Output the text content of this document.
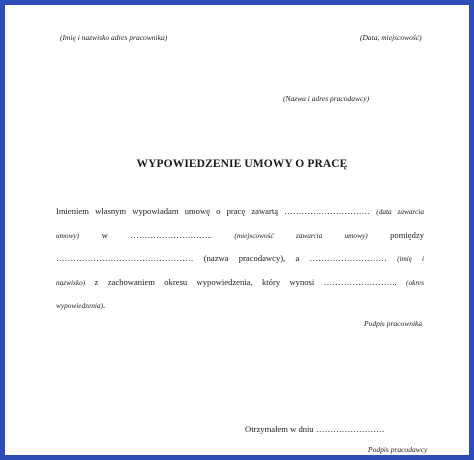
(Imię i nazwisko adres pracownika)	(Data, miejscowość)
(Nazwa i adres pracodawcy)
WYPOWIEDZENIE UMOWY O PRACĘ
Imieniem własnym wypowiadam umowę o pracę zawartą ………………………… (data zawarcia
umowy) w ……………………….. (miejscowość zawarcia umowy) pomiędzy
………………………………………… (nazwa pracodawcy), a ……………………… (imię i
nazwisko) z zachowaniem okresu wypowiedzenia, który wynosi …………………….. (okres
wypowiedzenia).
Podpis pracownika
Otrzymałem w dniu ……………………
Podpis pracodawcy
